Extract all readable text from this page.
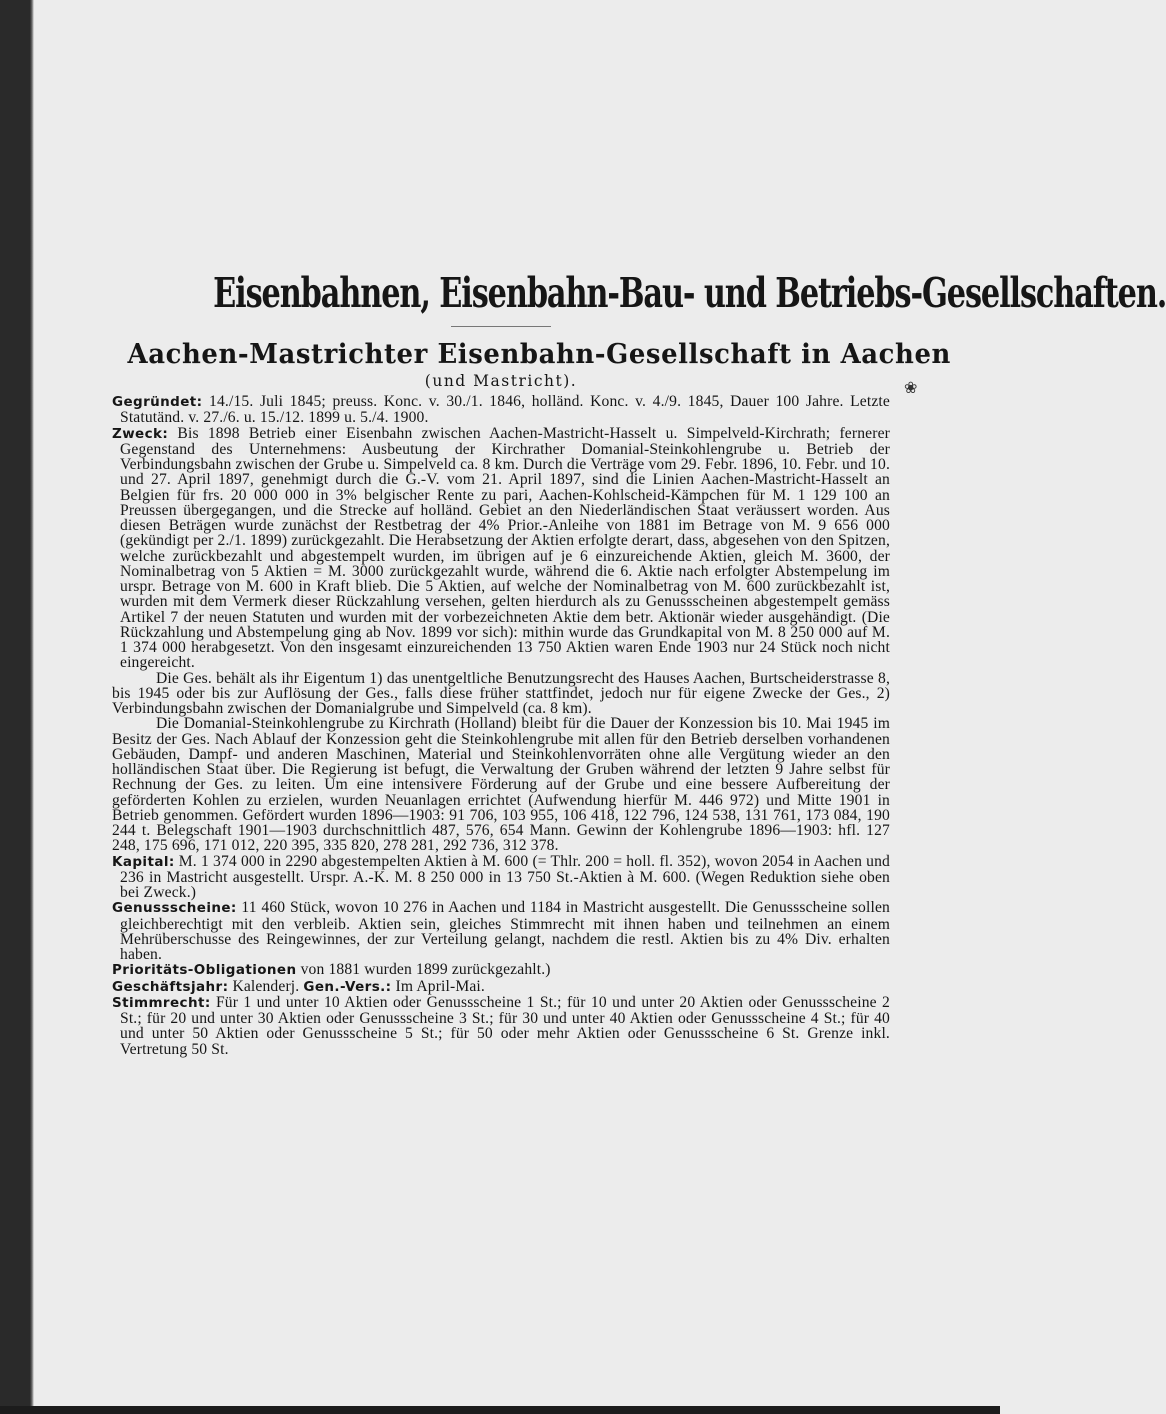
Eisenbahnen, Eisenbahn-Bau- und Betriebs-Gesellschaften.
Aachen-Mastrichter Eisenbahn-Gesellschaft in Aachen
(und Mastricht).	❀

Gegründet: 14./15. Juli 1845; preuss. Konc. v. 30./1. 1846, holländ. Konc. v. 4./9. 1845, Dauer 100 Jahre. Letzte Statutänd. v. 27./6. u. 15./12. 1899 u. 5./4. 1900.

Zweck: Bis 1898 Betrieb einer Eisenbahn zwischen Aachen-Mastricht-Hasselt u. Simpelveld-Kirchrath; fernerer Gegenstand des Unternehmens: Ausbeutung der Kirchrather Domanial-Steinkohlengrube u. Betrieb der Verbindungsbahn zwischen der Grube u. Simpelveld ca. 8 km. Durch die Verträge vom 29. Febr. 1896, 10. Febr. und 10. und 27. April 1897, genehmigt durch die G.-V. vom 21. April 1897, sind die Linien Aachen-Mastricht-Hasselt an Belgien für frs. 20 000 000 in 3% belgischer Rente zu pari, Aachen-Kohlscheid-Kämpchen für M. 1 129 100 an Preussen übergegangen, und die Strecke auf holländ. Gebiet an den Niederländischen Staat veräussert worden. Aus diesen Beträgen wurde zunächst der Restbetrag der 4% Prior.-Anleihe von 1881 im Betrage von M. 9 656 000 (gekündigt per 2./1. 1899) zurückgezahlt. Die Herabsetzung der Aktien erfolgte derart, dass, abgesehen von den Spitzen, welche zurückbezahlt und abgestempelt wurden, im übrigen auf je 6 einzureichende Aktien, gleich M. 3600, der Nominalbetrag von 5 Aktien = M. 3000 zurückgezahlt wurde, während die 6. Aktie nach erfolgter Abstempelung im urspr. Betrage von M. 600 in Kraft blieb. Die 5 Aktien, auf welche der Nominalbetrag von M. 600 zurückbezahlt ist, wurden mit dem Vermerk dieser Rückzahlung versehen, gelten hierdurch als zu Genussscheinen abgestempelt gemäss Artikel 7 der neuen Statuten und wurden mit der vorbezeichneten Aktie dem betr. Aktionär wieder ausgehändigt. (Die Rückzahlung und Abstempelung ging ab Nov. 1899 vor sich): mithin wurde das Grundkapital von M. 8 250 000 auf M. 1 374 000 herabgesetzt. Von den insgesamt einzureichenden 13 750 Aktien waren Ende 1903 nur 24 Stück noch nicht eingereicht.

Die Ges. behält als ihr Eigentum 1) das unentgeltliche Benutzungsrecht des Hauses Aachen, Burtscheiderstrasse 8, bis 1945 oder bis zur Auflösung der Ges., falls diese früher stattfindet, jedoch nur für eigene Zwecke der Ges., 2) Verbindungsbahn zwischen der Domanialgrube und Simpelveld (ca. 8 km).

Die Domanial-Steinkohlengrube zu Kirchrath (Holland) bleibt für die Dauer der Konzession bis 10. Mai 1945 im Besitz der Ges. Nach Ablauf der Konzession geht die Steinkohlengrube mit allen für den Betrieb derselben vorhandenen Gebäuden, Dampf- und anderen Maschinen, Material und Steinkohlenvorräten ohne alle Vergütung wieder an den holländischen Staat über. Die Regierung ist befugt, die Verwaltung der Gruben während der letzten 9 Jahre selbst für Rechnung der Ges. zu leiten. Um eine intensivere Förderung auf der Grube und eine bessere Aufbereitung der geförderten Kohlen zu erzielen, wurden Neuanlagen errichtet (Aufwendung hierfür M. 446 972) und Mitte 1901 in Betrieb genommen. Gefördert wurden 1896—1903: 91 706, 103 955, 106 418, 122 796, 124 538, 131 761, 173 084, 190 244 t. Belegschaft 1901—1903 durchschnittlich 487, 576, 654 Mann. Gewinn der Kohlengrube 1896—1903: hfl. 127 248, 175 696, 171 012, 220 395, 335 820, 278 281, 292 736, 312 378.

Kapital: M. 1 374 000 in 2290 abgestempelten Aktien à M. 600 (= Thlr. 200 = holl. fl. 352), wovon 2054 in Aachen und 236 in Mastricht ausgestellt. Urspr. A.-K. M. 8 250 000 in 13 750 St.-Aktien à M. 600. (Wegen Reduktion siehe oben bei Zweck.)

Genussscheine: 11 460 Stück, wovon 10 276 in Aachen und 1184 in Mastricht ausgestellt. Die Genussscheine sollen gleichberechtigt mit den verbleib. Aktien sein, gleiches Stimmrecht mit ihnen haben und teilnehmen an einem Mehrüberschusse des Reingewinnes, der zur Verteilung gelangt, nachdem die restl. Aktien bis zu 4% Div. erhalten haben.

Prioritäts-Obligationen von 1881 wurden 1899 zurückgezahlt.)

Geschäftsjahr: Kalenderj. Gen.-Vers.: Im April-Mai.

Stimmrecht: Für 1 und unter 10 Aktien oder Genussscheine 1 St.; für 10 und unter 20 Aktien oder Genussscheine 2 St.; für 20 und unter 30 Aktien oder Genussscheine 3 St.; für 30 und unter 40 Aktien oder Genussscheine 4 St.; für 40 und unter 50 Aktien oder Genussscheine 5 St.; für 50 oder mehr Aktien oder Genussscheine 6 St. Grenze inkl. Vertretung 50 St.
